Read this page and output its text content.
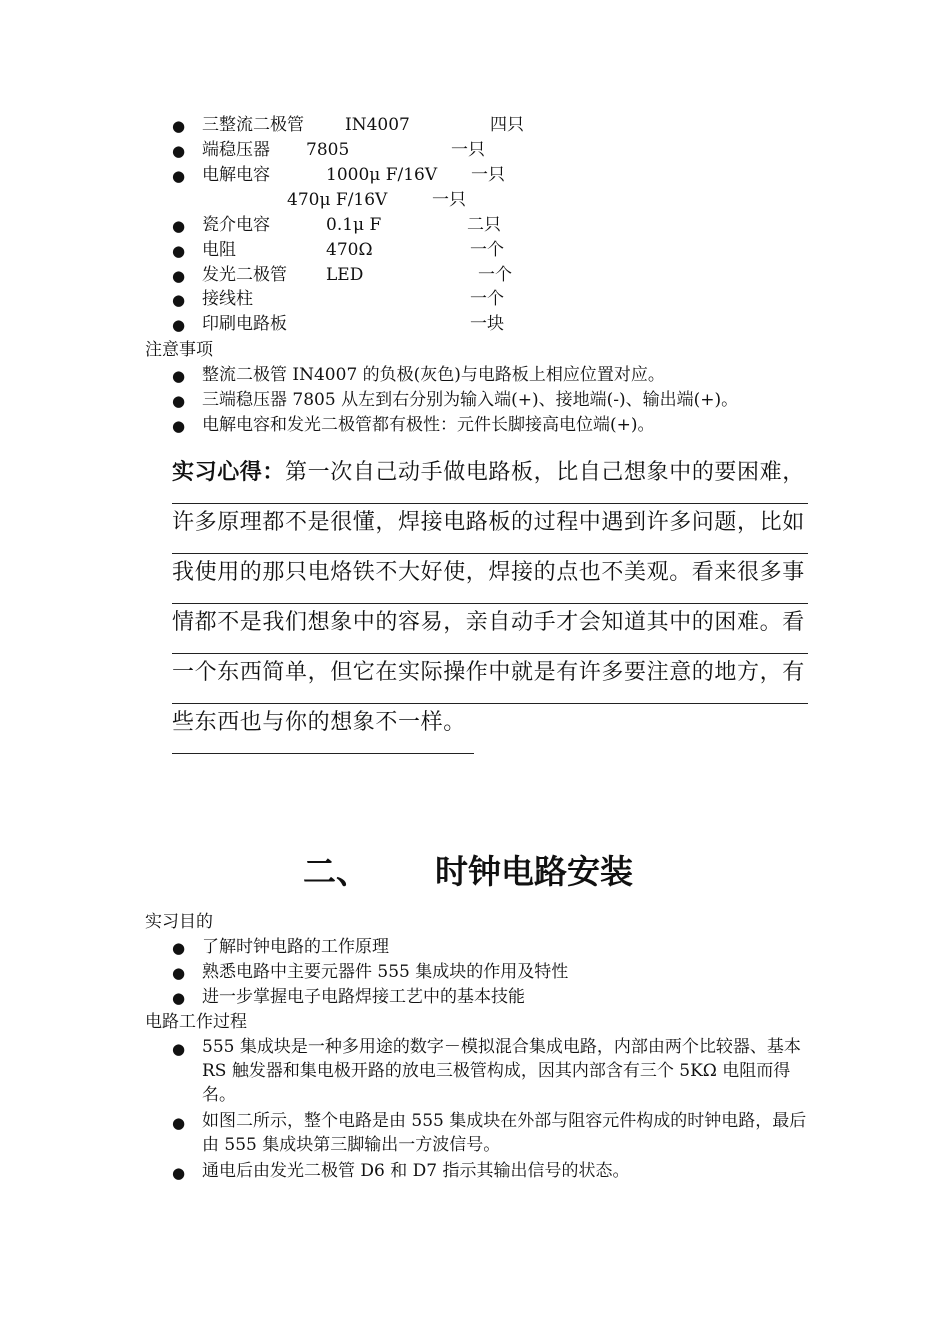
●
三整流二极管 IN4007	四只
●
端稳压器 7805	一只
●
电解电容	1000μ F/16V 一只
470μ F/16V	一只
●
瓷介电容	0.1μ F	二只
●
电阻	470Ω	一个
●
发光二极管 LED	一个
●
接线柱	一个
●
印刷电路板	一块
注意事项
●
整流二极管 IN4007 的负极(灰色)与电路板上相应位置对应。
●
三端稳压器 7805 从左到右分别为输入端(+)、接地端(-)、输出端(+)。
●
电解电容和发光二极管都有极性：元件长脚接高电位端(+)。
实习心得：第一次自己动手做电路板，比自己想象中的要困难，
许多原理都不是很懂，焊接电路板的过程中遇到许多问题，比如
我使用的那只电烙铁不大好使，焊接的点也不美观。看来很多事
情都不是我们想象中的容易，亲自动手才会知道其中的困难。看
一个东西简单，但它在实际操作中就是有许多要注意的地方，有
些东西也与你的想象不一样。
二、 时钟电路安装
实习目的
●
了解时钟电路的工作原理
●
熟悉电路中主要元器件 555 集成块的作用及特性
●
进一步掌握电子电路焊接工艺中的基本技能
电路工作过程
●
555 集成块是一种多用途的数字－模拟混合集成电路，内部由两个比较器、基本 RS 触发器和集电极开路的放电三极管构成，因其内部含有三个 5KΩ 电阻而得名。
●
如图二所示，整个电路是由 555 集成块在外部与阻容元件构成的时钟电路，最后由 555 集成块第三脚输出一方波信号。
●
通电后由发光二极管 D6 和 D7 指示其输出信号的状态。
